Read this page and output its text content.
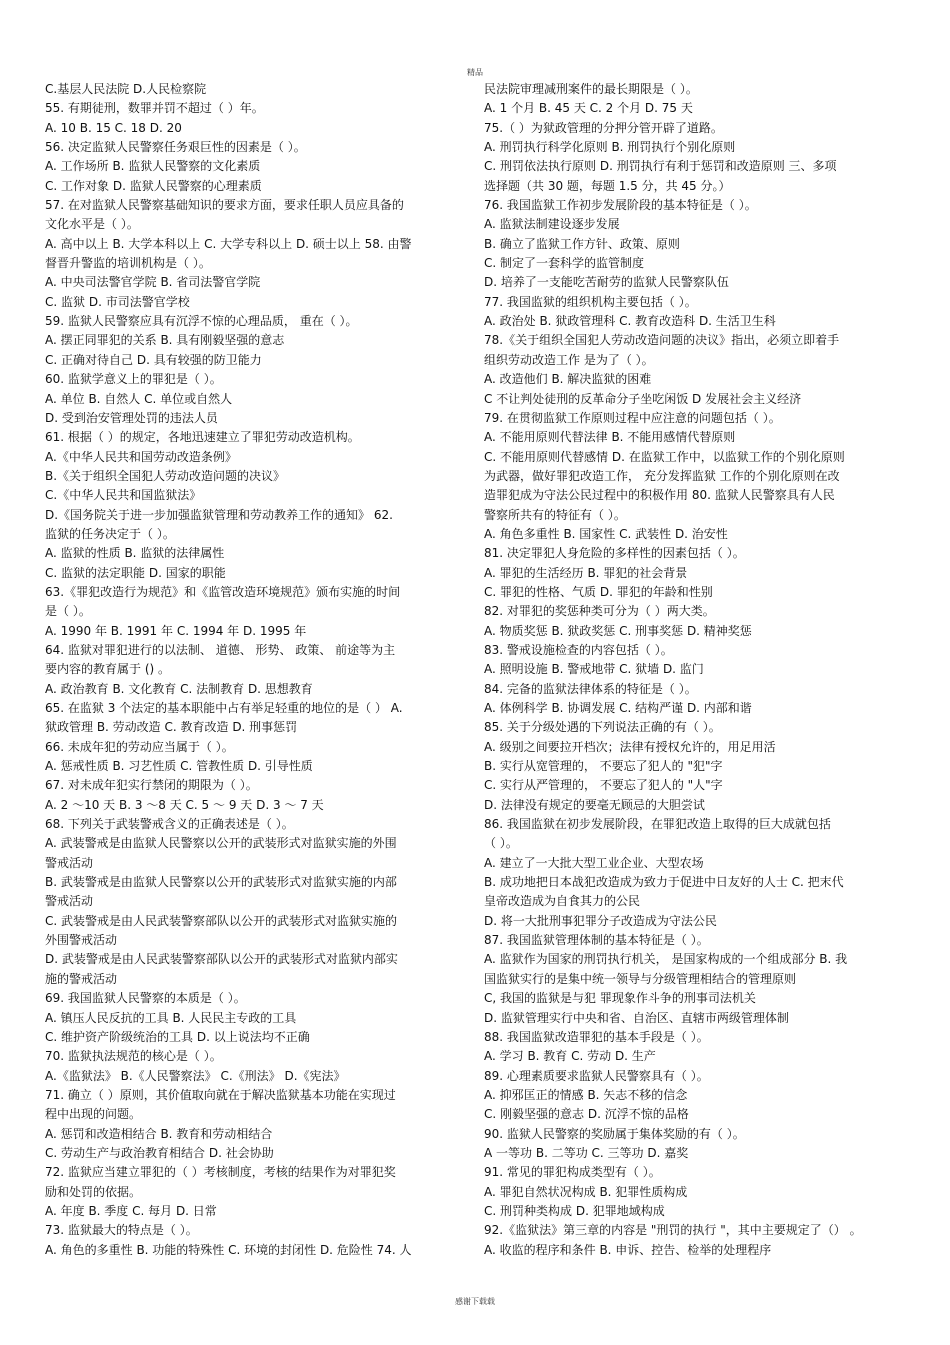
精品
C.基层人民法院 D.人民检察院
55. 有期徒刑，数罪并罚不超过（ ）年。
A. 10 B. 15 C. 18 D. 20
56. 决定监狱人民警察任务艰巨性的因素是（ ）。
A. 工作场所 B. 监狱人民警察的文化素质
C. 工作对象 D. 监狱人民警察的心理素质
57. 在对监狱人民警察基础知识的要求方面，要求任职人员应具备的
文化水平是（ ）。
A. 高中以上 B. 大学本科以上 C. 大学专科以上 D. 硕士以上 58. 由警
督晋升警监的培训机构是（ ）。
A. 中央司法警官学院 B. 省司法警官学院
C. 监狱 D. 市司法警官学校
59. 监狱人民警察应具有沉浮不惊的心理品质， 重在（ ）。
A. 摆正同罪犯的关系 B. 具有刚毅坚强的意志
C. 正确对待自己 D. 具有较强的防卫能力
60. 监狱学意义上的罪犯是（ ）。
A. 单位 B. 自然人 C. 单位或自然人
D. 受到治安管理处罚的违法人员
61. 根据（ ）的规定，各地迅速建立了罪犯劳动改造机构。
A.《中华人民共和国劳动改造条例》
B.《关于组织全国犯人劳动改造问题的决议》
C.《中华人民共和国监狱法》
D.《国务院关于进一步加强监狱管理和劳动教养工作的通知》 62.
监狱的任务决定于（ ）。
A. 监狱的性质 B. 监狱的法律属性
C. 监狱的法定职能 D. 国家的职能
63.《罪犯改造行为规范》和《监管改造环境规范》颁布实施的时间
是（ ）。
A. 1990 年 B. 1991 年 C. 1994 年 D. 1995 年
64. 监狱对罪犯进行的以法制、 道德、 形势、 政策、 前途等为主
要内容的教育属于 () 。
A. 政治教育 B. 文化教育 C. 法制教育 D. 思想教育
65. 在监狱 3 个法定的基本职能中占有举足轻重的地位的是（ ） A.
狱政管理 B. 劳动改造 C. 教育改造 D. 刑事惩罚
66. 未成年犯的劳动应当属于（ ）。
A. 惩戒性质 B. 习艺性质 C. 管教性质 D. 引导性质
67. 对未成年犯实行禁闭的期限为（ ）。
A. 2 ～10 天 B. 3 ～8 天 C. 5 ～ 9 天 D. 3 ～ 7 天
68. 下列关于武装警戒含义的正确表述是（ ）。
A. 武装警戒是由监狱人民警察以公开的武装形式对监狱实施的外围
警戒活动
B. 武装警戒是由监狱人民警察以公开的武装形式对监狱实施的内部
警戒活动
C. 武装警戒是由人民武装警察部队以公开的武装形式对监狱实施的
外围警戒活动
D. 武装警戒是由人民武装警察部队以公开的武装形式对监狱内部实
施的警戒活动
69. 我国监狱人民警察的本质是（ ）。
A. 镇压人民反抗的工具 B. 人民民主专政的工具
C. 维护资产阶级统治的工具 D. 以上说法均不正确
70. 监狱执法规范的核心是（ ）。
A.《监狱法》 B.《人民警察法》 C.《刑法》 D.《宪法》
71. 确立（ ）原则，其价值取向就在于解决监狱基本功能在实现过
程中出现的问题。
A. 惩罚和改造相结合 B. 教育和劳动相结合
C. 劳动生产与政治教育相结合 D. 社会协助
72. 监狱应当建立罪犯的（ ）考核制度，考核的结果作为对罪犯奖
励和处罚的依据。
A. 年度 B. 季度 C. 每月 D. 日常
73. 监狱最大的特点是（ ）。
A. 角色的多重性 B. 功能的特殊性 C. 环境的封闭性 D. 危险性 74. 人
民法院审理减刑案件的最长期限是（ ）。
A. 1 个月 B. 45 天 C. 2 个月 D. 75 天
75.（ ）为狱政管理的分押分管开辟了道路。
A. 刑罚执行科学化原则 B. 刑罚执行个别化原则
C. 刑罚依法执行原则 D. 刑罚执行有利于惩罚和改造原则 三、多项
选择题（共 30 题，每题 1.5 分，共 45 分。）
76. 我国监狱工作初步发展阶段的基本特征是（ ）。
A. 监狱法制建设逐步发展
B. 确立了监狱工作方针、政策、原则
C. 制定了一套科学的监管制度
D. 培养了一支能吃苦耐劳的监狱人民警察队伍
77. 我国监狱的组织机构主要包括（ ）。
A. 政治处 B. 狱政管理科 C. 教育改造科 D. 生活卫生科
78.《关于组织全国犯人劳动改造问题的决议》指出，必须立即着手
组织劳动改造工作 是为了（ ）。
A. 改造他们 B. 解决监狱的困难
C 不让判处徒刑的反革命分子坐吃闲饭 D 发展社会主义经济
79. 在贯彻监狱工作原则过程中应注意的问题包括（ ）。
A. 不能用原则代替法律 B. 不能用感情代替原则
C. 不能用原则代替感情 D. 在监狱工作中，以监狱工作的个别化原则
为武器，做好罪犯改造工作， 充分发挥监狱 工作的个别化原则在改
造罪犯成为守法公民过程中的积极作用 80. 监狱人民警察具有人民
警察所共有的特征有（ ）。
A. 角色多重性 B. 国家性 C. 武装性 D. 治安性
81. 决定罪犯人身危险的多样性的因素包括（ ）。
A. 罪犯的生活经历 B. 罪犯的社会背景
C. 罪犯的性格、气质 D. 罪犯的年龄和性别
82. 对罪犯的奖惩种类可分为（ ）两大类。
A. 物质奖惩 B. 狱政奖惩 C. 刑事奖惩 D. 精神奖惩
83. 警戒设施检查的内容包括（ ）。
A. 照明设施 B. 警戒地带 C. 狱墙 D. 监门
84. 完备的监狱法律体系的特征是（ ）。
A. 体例科学 B. 协调发展 C. 结构严谨 D. 内部和谐
85. 关于分级处遇的下列说法正确的有（ ）。
A. 级别之间要拉开档次；法律有授权允许的，用足用活
B. 实行从宽管理的， 不要忘了犯人的 "犯"字
C. 实行从严管理的， 不要忘了犯人的 "人"字
D. 法律没有规定的要毫无顾忌的大胆尝试
86. 我国监狱在初步发展阶段，在罪犯改造上取得的巨大成就包括
（ ）。
A. 建立了一大批大型工业企业、大型农场
B. 成功地把日本战犯改造成为致力于促进中日友好的人士 C. 把末代
皇帝改造成为自食其力的公民
D. 将一大批刑事犯罪分子改造成为守法公民
87. 我国监狱管理体制的基本特征是（ ）。
A. 监狱作为国家的刑罚执行机关， 是国家构成的一个组成部分 B. 我
国监狱实行的是集中统一领导与分级管理相结合的管理原则
C, 我国的监狱是与犯 罪现象作斗争的刑事司法机关
D. 监狱管理实行中央和省、自治区、直辖市两级管理体制
88. 我国监狱改造罪犯的基本手段是（ ）。
A. 学习 B. 教育 C. 劳动 D. 生产
89. 心理素质要求监狱人民警察具有（ ）。
A. 抑邪匡正的情感 B. 矢志不移的信念
C. 刚毅坚强的意志 D. 沉浮不惊的品格
90. 监狱人民警察的奖励属于集体奖励的有（ ）。
A 一等功 B. 二等功 C. 三等功 D. 嘉奖
91. 常见的罪犯构成类型有（ ）。
A. 罪犯自然状况构成 B. 犯罪性质构成
C. 刑罚种类构成 D. 犯罪地域构成
92.《监狱法》第三章的内容是 "刑罚的执行 "，其中主要规定了（） 。
A. 收监的程序和条件 B. 申诉、控告、检举的处理程序
感谢下载载
